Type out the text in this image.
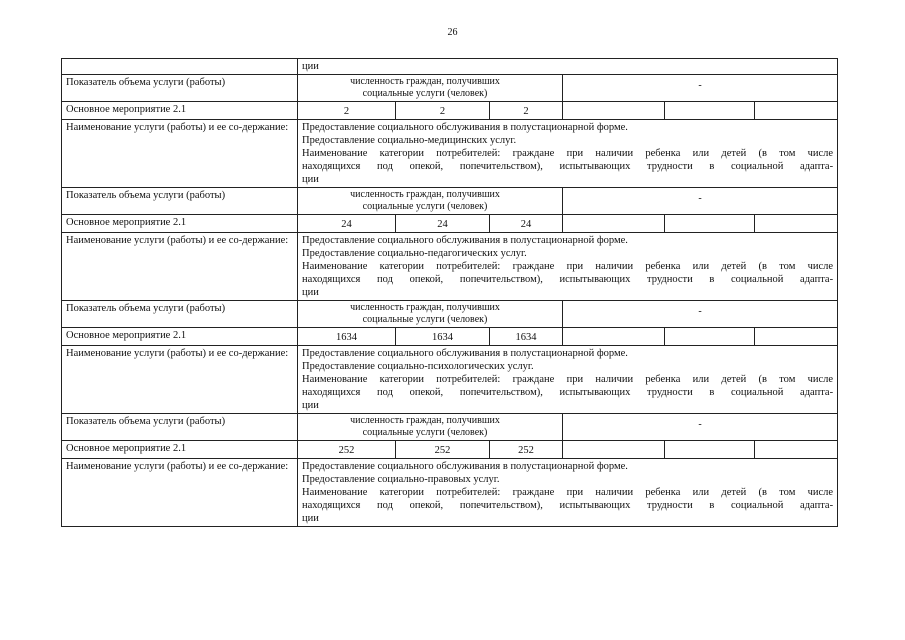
26
	ции					
Показатель объема услуги (работы)	численность граждан, получивших
социальные услуги (человек)			-		
Основное мероприятие 2.1	2	2	2			
Наименование услуги (работы) и ее со-держание:	Предоставление социального обслуживания в полустационарной форме.
Предоставление социально-медицинских услуг.
Наименование категории потребителей: граждане при наличии ребенка или детей (в том числе
находящихся под опекой, попечительством), испытывающих трудности в социальной адапта-
ции					

Показатель объема услуги (работы)	численность граждан, получивших
социальные услуги (человек)			-		
Основное мероприятие 2.1	24	24	24			
Наименование услуги (работы) и ее со-держание:	Предоставление социального обслуживания в полустационарной форме.
Предоставление социально-педагогических услуг.
Наименование категории потребителей: граждане при наличии ребенка или детей (в том числе
находящихся под опекой, попечительством), испытывающих трудности в социальной адапта-
ции					

Показатель объема услуги (работы)	численность граждан, получивших
социальные услуги (человек)			-		
Основное мероприятие 2.1	1634	1634	1634			
Наименование услуги (работы) и ее со-держание:	Предоставление социального обслуживания в полустационарной форме.
Предоставление социально-психологических услуг.
Наименование категории потребителей: граждане при наличии ребенка или детей (в том числе
находящихся под опекой, попечительством), испытывающих трудности в социальной адапта-
ции					

Показатель объема услуги (работы)	численность граждан, получивших
социальные услуги (человек)			-		
Основное мероприятие 2.1	252	252	252			
Наименование услуги (работы) и ее со-держание:	Предоставление социального обслуживания в полустационарной форме.
Предоставление социально-правовых услуг.
Наименование категории потребителей: граждане при наличии ребенка или детей (в том числе
находящихся под опекой, попечительством), испытывающих трудности в социальной адапта-
ции					
